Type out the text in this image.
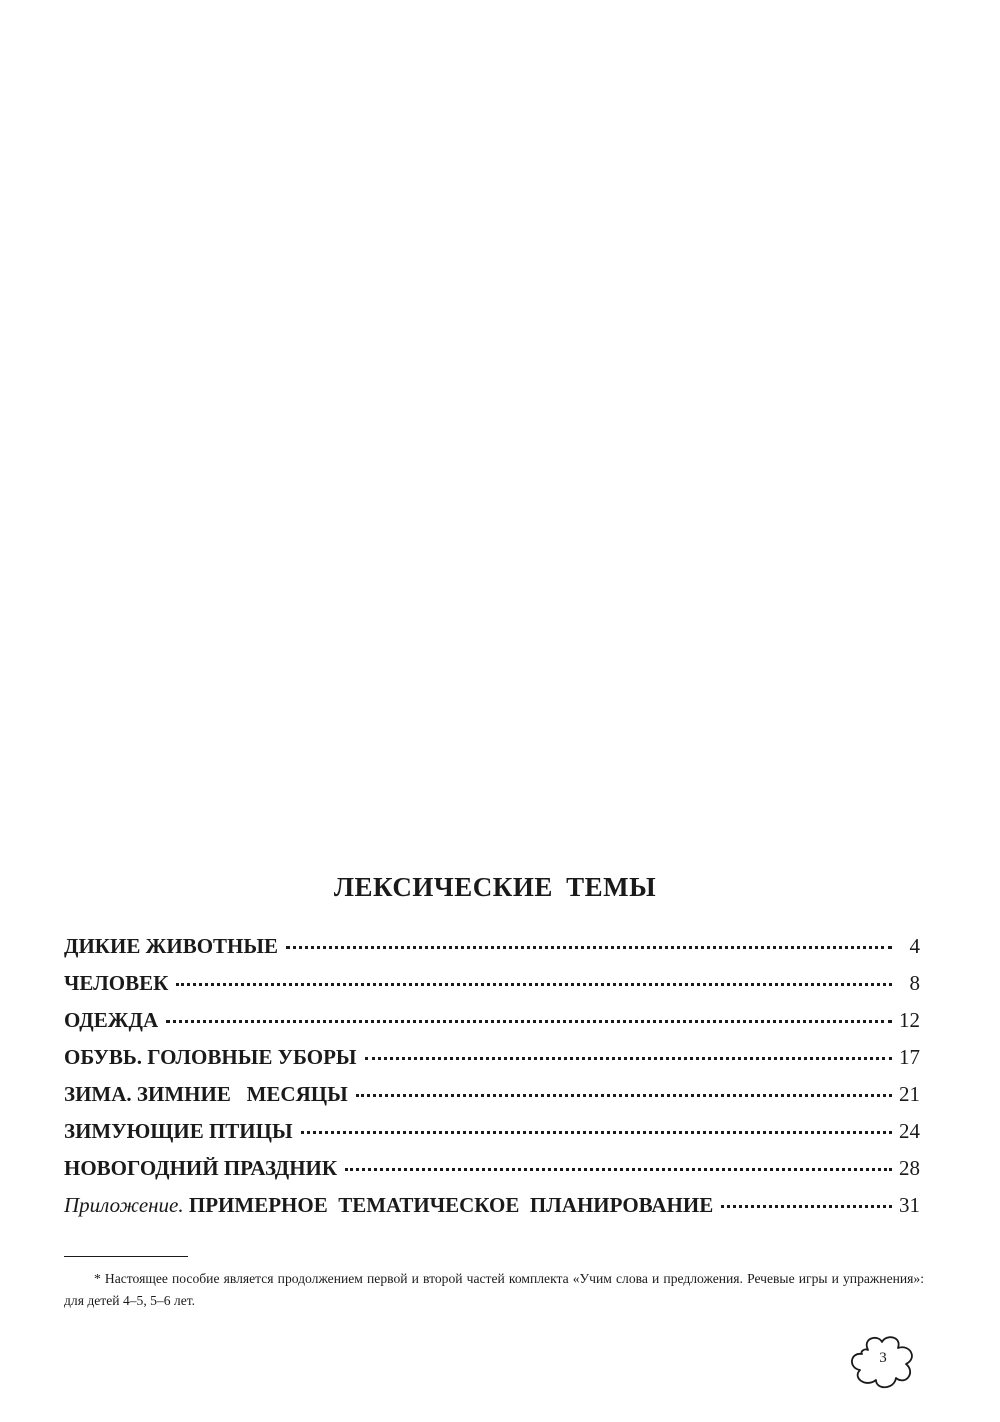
ЛЕКСИЧЕСКИЕ ТЕМЫ
ДИКИЕ ЖИВОТНЫЕ	4
ЧЕЛОВЕК	8
ОДЕЖДА	12
ОБУВЬ. ГОЛОВНЫЕ УБОРЫ	17
ЗИМА. ЗИМНИЕ   МЕСЯЦЫ	21
ЗИМУЮЩИЕ ПТИЦЫ	24
НОВОГОДНИЙ ПРАЗДНИК	28
Приложение. ПРИМЕРНОЕ  ТЕМАТИЧЕСКОЕ  ПЛАНИРОВАНИЕ	31
* Настоящее пособие является продолжением первой и второй частей комплекта «Учим слова и предложения. Речевые игры и упражнения»: для детей 4–5, 5–6 лет.
3
